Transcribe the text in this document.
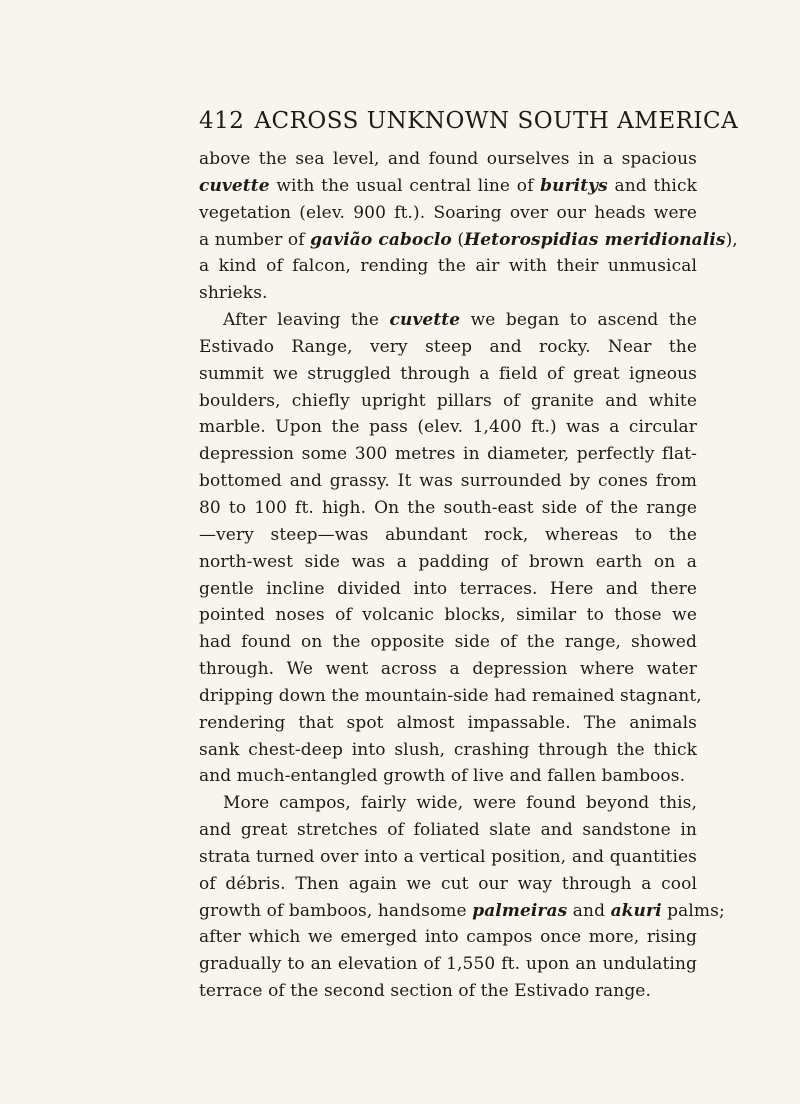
412 ACROSS UNKNOWN SOUTH AMERICA
above the sea level, and found ourselves in a spacious
cuvette with the usual central line of buritys and thick
vegetation (elev. 900 ft.). Soaring over our heads were
a number of gavião caboclo (Hetorospidias meridionalis),
a kind of falcon, rending the air with their unmusical
shrieks.
After leaving the cuvette we began to ascend the
Estivado Range, very steep and rocky. Near the
summit we struggled through a field of great igneous
boulders, chiefly upright pillars of granite and white
marble. Upon the pass (elev. 1,400 ft.) was a circular
depression some 300 metres in diameter, perfectly flat-
bottomed and grassy. It was surrounded by cones from
80 to 100 ft. high. On the south-east side of the range
—very steep—was abundant rock, whereas to the
north-west side was a padding of brown earth on a
gentle incline divided into terraces. Here and there
pointed noses of volcanic blocks, similar to those we
had found on the opposite side of the range, showed
through. We went across a depression where water
dripping down the mountain-side had remained stagnant,
rendering that spot almost impassable. The animals
sank chest-deep into slush, crashing through the thick
and much-entangled growth of live and fallen bamboos.
More campos, fairly wide, were found beyond this,
and great stretches of foliated slate and sandstone in
strata turned over into a vertical position, and quantities
of débris. Then again we cut our way through a cool
growth of bamboos, handsome palmeiras and akuri palms;
after which we emerged into campos once more, rising
gradually to an elevation of 1,550 ft. upon an undulating
terrace of the second section of the Estivado range.
